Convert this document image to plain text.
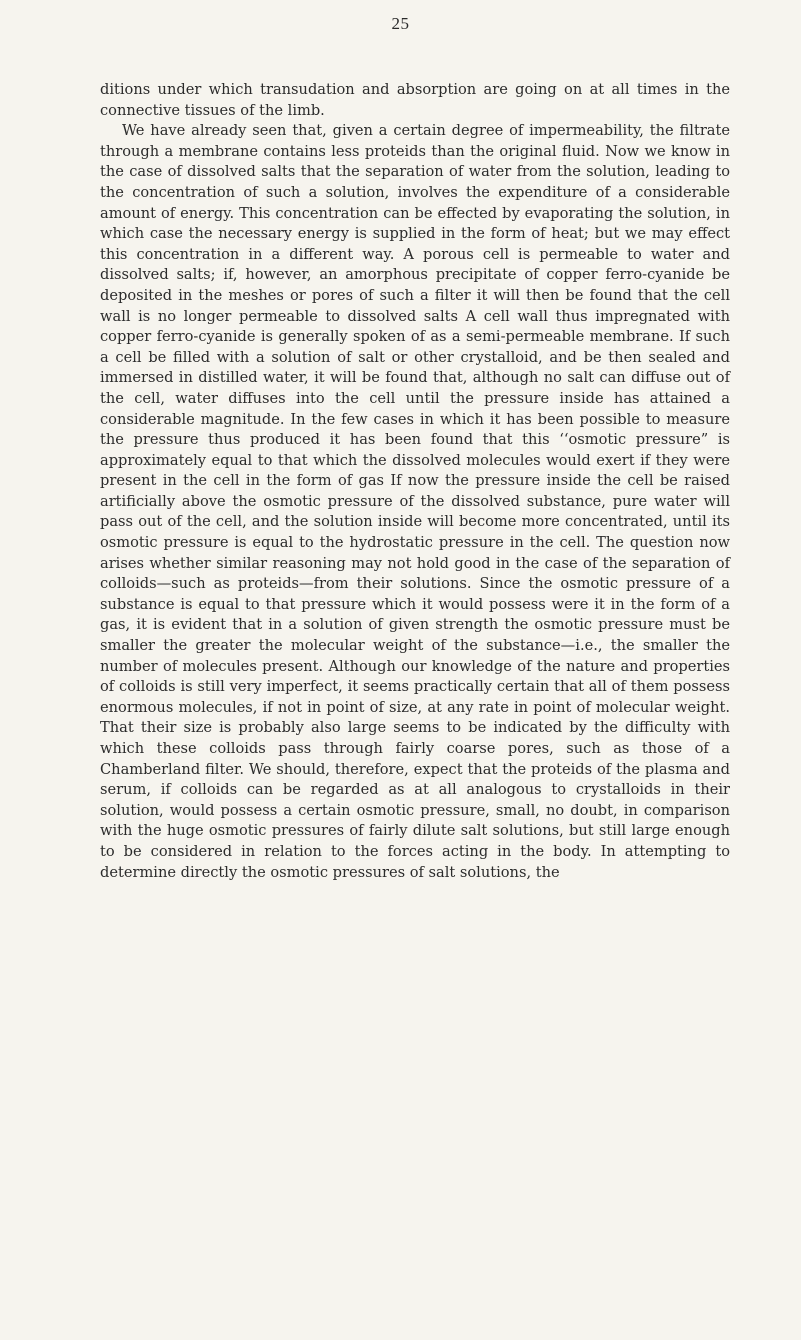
25

ditions under which transudation and absorption are going on at all times in the connective tissues of the limb.

We have already seen that, given a certain degree of impermeability, the filtrate through a membrane contains less proteids than the original fluid. Now we know in the case of dissolved salts that the separation of water from the solution, leading to the concentration of such a solution, involves the expenditure of a considerable amount of energy. This concentration can be effected by evaporating the solution, in which case the necessary energy is supplied in the form of heat; but we may effect this concentration in a different way. A porous cell is permeable to water and dissolved salts; if, however, an amorphous precipitate of copper ferro-cyanide be deposited in the meshes or pores of such a filter it will then be found that the cell wall is no longer permeable to dissolved salts A cell wall thus impregnated with copper ferro-cyanide is generally spoken of as a semi-permeable membrane. If such a cell be filled with a solution of salt or other crystalloid, and be then sealed and immersed in distilled water, it will be found that, although no salt can diffuse out of the cell, water diffuses into the cell until the pressure inside has attained a considerable magnitude. In the few cases in which it has been possible to measure the pressure thus produced it has been found that this ‘‘osmotic pressure” is approximately equal to that which the dissolved molecules would exert if they were present in the cell in the form of gas If now the pressure inside the cell be raised artificially above the osmotic pressure of the dissolved substance, pure water will pass out of the cell, and the solution inside will become more concentrated, until its osmotic pressure is equal to the hydrostatic pressure in the cell. The question now arises whether similar reasoning may not hold good in the case of the separation of colloids—such as proteids—from their solutions. Since the osmotic pressure of a substance is equal to that pressure which it would possess were it in the form of a gas, it is evident that in a solution of given strength the osmotic pressure must be smaller the greater the molecular weight of the substance—i.e., the smaller the number of molecules present. Although our knowledge of the nature and properties of colloids is still very imperfect, it seems practically certain that all of them possess enormous molecules, if not in point of size, at any rate in point of molecular weight. That their size is probably also large seems to be indicated by the difficulty with which these colloids pass through fairly coarse pores, such as those of a Chamberland filter. We should, therefore, expect that the proteids of the plasma and serum, if colloids can be regarded as at all analogous to crystalloids in their solution, would possess a certain osmotic pressure, small, no doubt, in comparison with the huge osmotic pressures of fairly dilute salt solutions, but still large enough to be considered in relation to the forces acting in the body. In attempting to determine directly the osmotic pressures of salt solutions, the
